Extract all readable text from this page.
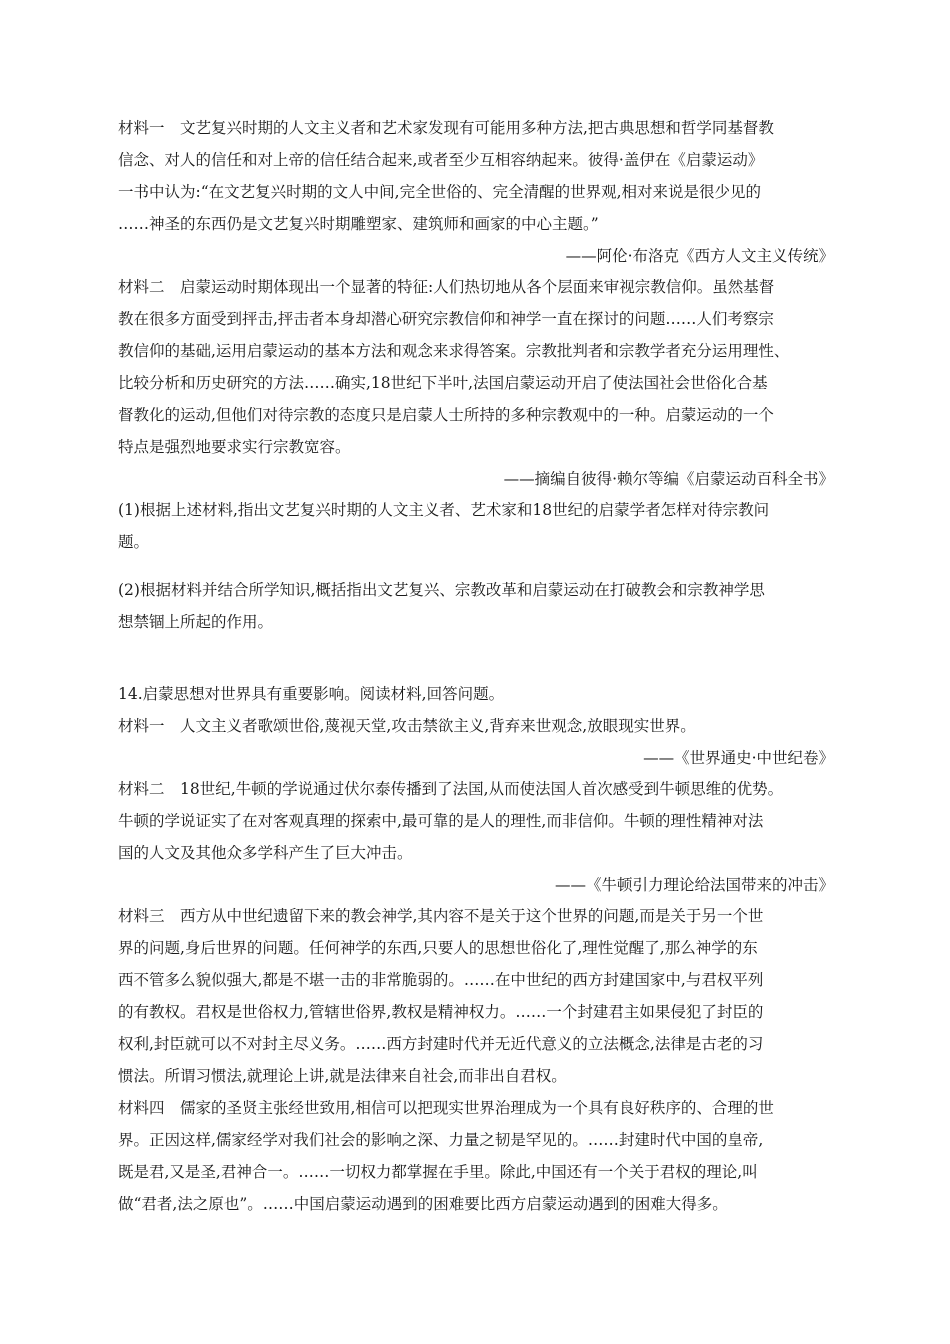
材料一　文艺复兴时期的人文主义者和艺术家发现有可能用多种方法,把古典思想和哲学同基督教
信念、对人的信任和对上帝的信任结合起来,或者至少互相容纳起来。彼得·盖伊在《启蒙运动》
一书中认为:“在文艺复兴时期的文人中间,完全世俗的、完全清醒的世界观,相对来说是很少见的
……神圣的东西仍是文艺复兴时期雕塑家、建筑师和画家的中心主题。”
——阿伦·布洛克《西方人文主义传统》
材料二　启蒙运动时期体现出一个显著的特征:人们热切地从各个层面来审视宗教信仰。虽然基督
教在很多方面受到抨击,抨击者本身却潜心研究宗教信仰和神学一直在探讨的问题……人们考察宗
教信仰的基础,运用启蒙运动的基本方法和观念来求得答案。宗教批判者和宗教学者充分运用理性、
比较分析和历史研究的方法……确实,18世纪下半叶,法国启蒙运动开启了使法国社会世俗化合基
督教化的运动,但他们对待宗教的态度只是启蒙人士所持的多种宗教观中的一种。启蒙运动的一个
特点是强烈地要求实行宗教宽容。
——摘编自彼得·赖尔等编《启蒙运动百科全书》
(1)根据上述材料,指出文艺复兴时期的人文主义者、艺术家和18世纪的启蒙学者怎样对待宗教问
题。
(2)根据材料并结合所学知识,概括指出文艺复兴、宗教改革和启蒙运动在打破教会和宗教神学思
想禁锢上所起的作用。
14.启蒙思想对世界具有重要影响。阅读材料,回答问题。
材料一　人文主义者歌颂世俗,蔑视天堂,攻击禁欲主义,背弃来世观念,放眼现实世界。
——《世界通史·中世纪卷》
材料二　18世纪,牛顿的学说通过伏尔泰传播到了法国,从而使法国人首次感受到牛顿思维的优势。
牛顿的学说证实了在对客观真理的探索中,最可靠的是人的理性,而非信仰。牛顿的理性精神对法
国的人文及其他众多学科产生了巨大冲击。
——《牛顿引力理论给法国带来的冲击》
材料三　西方从中世纪遗留下来的教会神学,其内容不是关于这个世界的问题,而是关于另一个世
界的问题,身后世界的问题。任何神学的东西,只要人的思想世俗化了,理性觉醒了,那么神学的东
西不管多么貌似强大,都是不堪一击的非常脆弱的。……在中世纪的西方封建国家中,与君权平列
的有教权。君权是世俗权力,管辖世俗界,教权是精神权力。……一个封建君主如果侵犯了封臣的
权利,封臣就可以不对封主尽义务。……西方封建时代并无近代意义的立法概念,法律是古老的习
惯法。所谓习惯法,就理论上讲,就是法律来自社会,而非出自君权。
材料四　儒家的圣贤主张经世致用,相信可以把现实世界治理成为一个具有良好秩序的、合理的世
界。正因这样,儒家经学对我们社会的影响之深、力量之韧是罕见的。……封建时代中国的皇帝,
既是君,又是圣,君神合一。……一切权力都掌握在手里。除此,中国还有一个关于君权的理论,叫
做“君者,法之原也”。……中国启蒙运动遇到的困难要比西方启蒙运动遇到的困难大得多。
